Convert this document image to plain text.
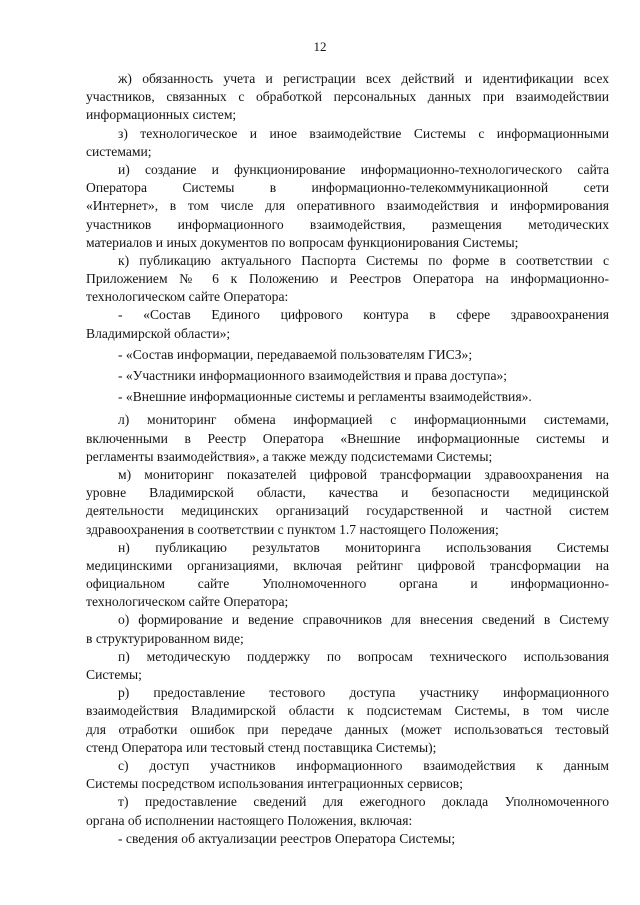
12
ж) обязанность учета и регистрации всех действий и идентификации всех
участников, связанных с обработкой персональных данных при взаимодействии
информационных систем;
з) технологическое и иное взаимодействие Системы с информационными
системами;
и) создание и функционирование информационно-технологического сайта
Оператора Системы в информационно-телекоммуникационной сети
«Интернет», в том числе для оперативного взаимодействия и информирования
участников информационного взаимодействия, размещения методических
материалов и иных документов по вопросам функционирования Системы;
к) публикацию актуального Паспорта Системы по форме в соответствии с
Приложением № 6 к Положению и Реестров Оператора на информационно-
технологическом сайте Оператора:
- «Состав Единого цифрового контура в сфере здравоохранения
Владимирской области»;
- «Состав информации, передаваемой пользователям ГИСЗ»;
- «Участники информационного взаимодействия и права доступа»;
- «Внешние информационные системы и регламенты взаимодействия».
л) мониторинг обмена информацией с информационными системами,
включенными в Реестр Оператора «Внешние информационные системы и
регламенты взаимодействия», а также между подсистемами Системы;
м) мониторинг показателей цифровой трансформации здравоохранения на
уровне Владимирской области, качества и безопасности медицинской
деятельности медицинских организаций государственной и частной систем
здравоохранения в соответствии с пунктом 1.7 настоящего Положения;
н) публикацию результатов мониторинга использования Системы
медицинскими организациями, включая рейтинг цифровой трансформации на
официальном сайте Уполномоченного органа и информационно-
технологическом сайте Оператора;
о) формирование и ведение справочников для внесения сведений в Систему
в структурированном виде;
п) методическую поддержку по вопросам технического использования
Системы;
р) предоставление тестового доступа участнику информационного
взаимодействия Владимирской области к подсистемам Системы, в том числе
для отработки ошибок при передаче данных (может использоваться тестовый
стенд Оператора или тестовый стенд поставщика Системы);
с) доступ участников информационного взаимодействия к данным
Системы посредством использования интеграционных сервисов;
т) предоставление сведений для ежегодного доклада Уполномоченного
органа об исполнении настоящего Положения, включая:
- сведения об актуализации реестров Оператора Системы;
